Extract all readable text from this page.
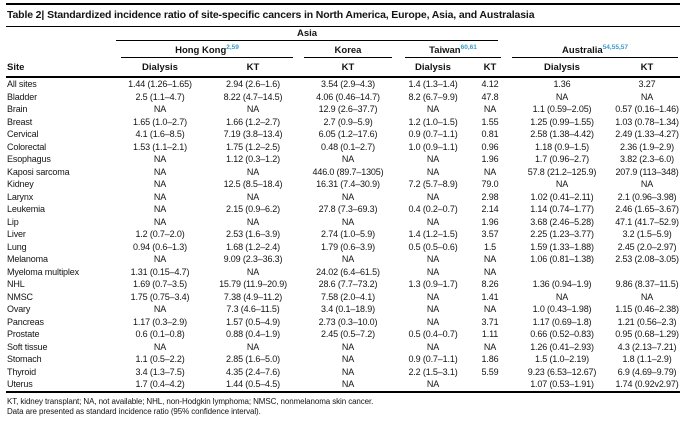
Table 2| Standardized incidence ratio of site-specific cancers in North America, Europe, Asia, and Australasia

	Asia						

	Hong Kong$^{2,59}$		Korea	Taiwan$^{60,61}$		Australia$^{54,55,57}$

Site	Dialysis	KT	KT	Dialysis	KT	Dialysis	KT
All sites	1.44 (1.26–1.65)	2.94 (2.6–1.6)	3.54 (2.9–4.3)	1.4 (1.3–1.4)	4.12	1.36	3.27
Bladder	2.5 (1.1–4.7)	8.22 (4.7–14.5)	4.06 (0.46–14.7)	8.2 (6.7–9.9)	47.8	NA	NA
Brain	NA	NA	12.9 (2.6–37.7)	NA	NA	1.1 (0.59–2.05)	0.57 (0.16–1.46)
Breast	1.65 (1.0–2.7)	1.66 (1.2–2.7)	2.7 (0.9–5.9)	1.2 (1.0–1.5)	1.55	1.25 (0.99–1.55)	1.03 (0.78–1.34)
Cervical	4.1 (1.6–8.5)	7.19 (3.8–13.4)	6.05 (1.2–17.6)	0.9 (0.7–1.1)	0.81	2.58 (1.38–4.42)	2.49 (1.33–4.27)
Colorectal	1.53 (1.1–2.1)	1.75 (1.2–2.5)	0.48 (0.1–2.7)	1.0 (0.9–1.1)	0.96	1.18 (0.9–1.5)	2.36 (1.9–2.9)
Esophagus	NA	1.12 (0.3–1.2)	NA	NA	1.96	1.7 (0.96–2.7)	3.82 (2.3–6.0)
Kaposi sarcoma	NA	NA	446.0 (89.7–1305)	NA	NA	57.8 (21.2–125.9)	207.9 (113–348)
Kidney	NA	12.5 (8.5–18.4)	16.31 (7.4–30.9)	7.2 (5.7–8.9)	79.0	NA	NA
Larynx	NA	NA	NA	NA	2.98	1.02 (0.41–2.11)	2.1 (0.96–3.98)
Leukemia	NA	2.15 (0.9–6.2)	27.8 (7.3–69.3)	0.4 (0.2–0.7)	2.14	1.14 (0.74–1.77)	2.46 (1.65–3.67)
Lip	NA	NA	NA	NA	1.96	3.68 (2.46–5.28)	47.1 (41.7–52.9)
Liver	1.2 (0.7–2.0)	2.53 (1.6–3.9)	2.74 (1.0–5.9)	1.4 (1.2–1.5)	3.57	2.25 (1.23–3.77)	3.2 (1.5–5.9)
Lung	0.94 (0.6–1.3)	1.68 (1.2–2.4)	1.79 (0.6–3.9)	0.5 (0.5–0.6)	1.5	1.59 (1.33–1.88)	2.45 (2.0–2.97)
Melanoma	NA	9.09 (2.3–36.3)	NA	NA	NA	1.06 (0.81–1.38)	2.53 (2.08–3.05)
Myeloma multiplex	1.31 (0.15–4.7)	NA	24.02 (6.4–61.5)	NA	NA		
NHL	1.69 (0.7–3.5)	15.79 (11.9–20.9)	28.6 (7.7–73.2)	1.3 (0.9–1.7)	8.26	1.36 (0.94–1.9)	9.86 (8.37–11.5)
NMSC	1.75 (0.75–3.4)	7.38 (4.9–11.2)	7.58 (2.0–4.1)	NA	1.41	NA	NA
Ovary	NA	7.3 (4.6–11.5)	3.4 (0.1–18.9)	NA	NA	1.0 (0.43–1.98)	1.15 (0.46–2.38)
Pancreas	1.17 (0.3–2.9)	1.57 (0.5–4.9)	2.73 (0.3–10.0)	NA	3.71	1.17 (0.69–1.8)	1.21 (0.56–2.3)
Prostate	0.6 (0.1–0.8)	0.88 (0.4–1.9)	2.45 (0.5–7.2)	0.5 (0.4–0.7)	1.11	0.66 (0.52–0.83)	0.95 (0.68–1.29)
Soft tissue	NA	NA	NA	NA	NA	1.26 (0.41–2.93)	4.3 (2.13–7.21)
Stomach	1.1 (0.5–2.2)	2.85 (1.6–5.0)	NA	0.9 (0.7–1.1)	1.86	1.5 (1.0–2.19)	1.8 (1.1–2.9)
Thyroid	3.4 (1.3–7.5)	4.35 (2.4–7.6)	NA	2.2 (1.5–3.1)	5.59	9.23 (6.53–12.67)	6.9 (4.69–9.79)
Uterus	1.7 (0.4–4.2)	1.44 (0.5–4.5)	NA	NA		1.07 (0.53–1.91)	1.74 (0.92v2.97)
KT, kidney transplant; NA, not available; NHL, non-Hodgkin lymphoma; NMSC, nonmelanoma skin cancer.
Data are presented as standard incidence ratio (95% confidence interval).
